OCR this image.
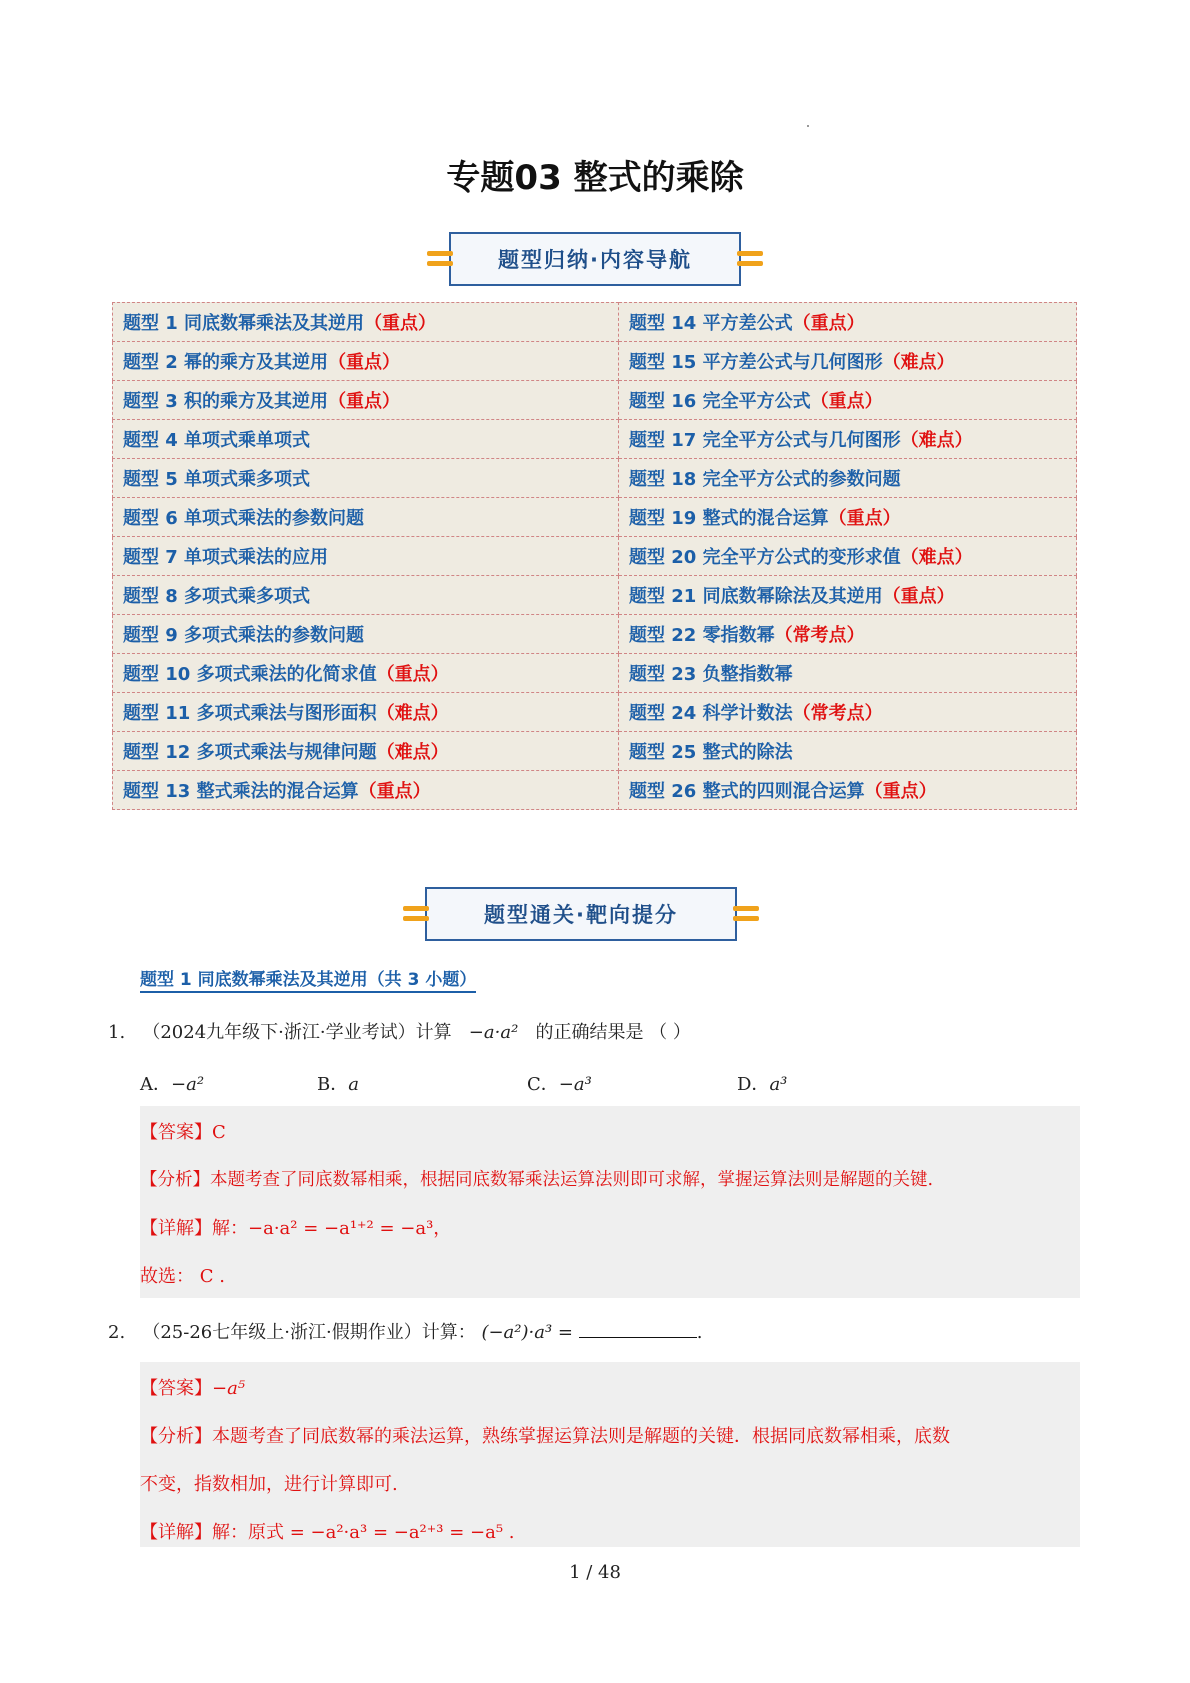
专题03 整式的乘除
题型归纳·内容导航
题型 1 同底数幂乘法及其逆用（重点）	题型 14 平方差公式（重点）
题型 2 幂的乘方及其逆用（重点）	题型 15 平方差公式与几何图形（难点）
题型 3 积的乘方及其逆用（重点）	题型 16 完全平方公式（重点）
题型 4 单项式乘单项式	题型 17 完全平方公式与几何图形（难点）
题型 5 单项式乘多项式	题型 18 完全平方公式的参数问题
题型 6 单项式乘法的参数问题	题型 19 整式的混合运算（重点）
题型 7 单项式乘法的应用	题型 20 完全平方公式的变形求值（难点）
题型 8 多项式乘多项式	题型 21 同底数幂除法及其逆用（重点）
题型 9 多项式乘法的参数问题	题型 22 零指数幂（常考点）
题型 10 多项式乘法的化简求值（重点）	题型 23 负整指数幂
题型 11 多项式乘法与图形面积（难点）	题型 24 科学计数法（常考点）
题型 12 多项式乘法与规律问题（难点）	题型 25 整式的除法
题型 13 整式乘法的混合运算（重点）	题型 26 整式的四则混合运算（重点）
题型通关·靶向提分
题型 1 同底数幂乘法及其逆用（共 3 小题）
1. （2024九年级下·浙江·学业考试）计算 −a·a² 的正确结果是 （ ）
A．−a²	B．a	C．−a³	D．a³
【答案】C
【分析】本题考查了同底数幂相乘，根据同底数幂乘法运算法则即可求解，掌握运算法则是解题的关键.
【详解】解：−a·a² = −a¹⁺² = −a³，
故选： C .
2. （25-26七年级上·浙江·假期作业）计算： (−a²)·a³ =	.
【答案】−a⁵
【分析】本题考查了同底数幂的乘法运算，熟练掌握运算法则是解题的关键．根据同底数幂相乘，底数
不变，指数相加，进行计算即可.
【详解】解：原式 = −a²·a³ = −a²⁺³ = −a⁵ .
1 / 48
